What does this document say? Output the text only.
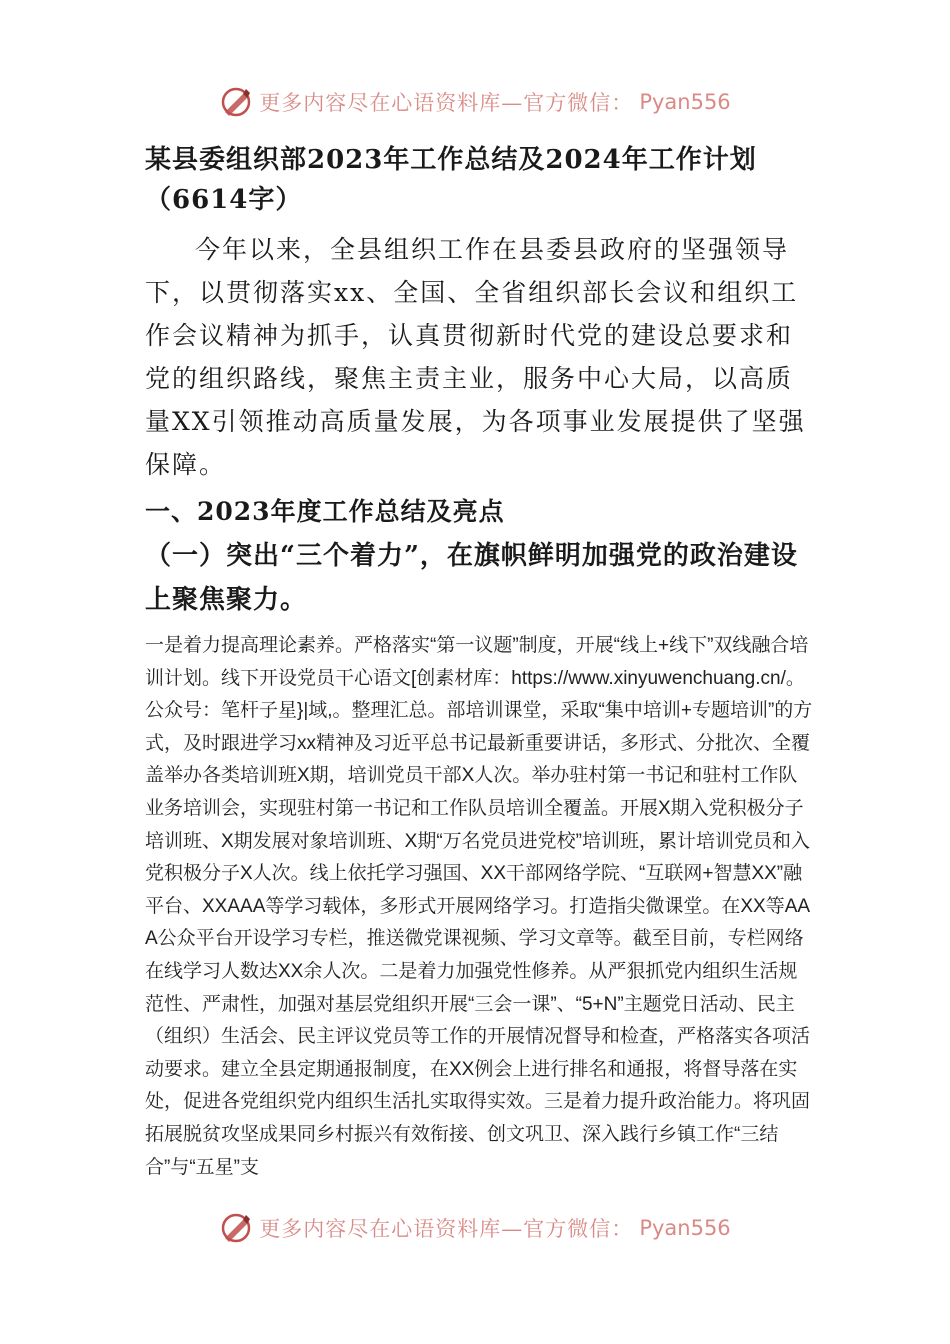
更多内容尽在心语资料库—官方微信： Pyan556
某县委组织部2023年工作总结及2024年工作计划（6614字）

今年以来，全县组织工作在县委县政府的坚强领导下，以贯彻落实xx、全国、全省组织部长会议和组织工作会议精神为抓手，认真贯彻新时代党的建设总要求和党的组织路线，聚焦主责主业，服务中心大局，以高质量XX引领推动高质量发展，为各项事业发展提供了坚强保障。

一、2023年度工作总结及亮点
（一）突出“三个着力”，在旗帜鲜明加强党的政治建设上聚焦聚力。

一是着力提高理论素养。严格落实“第一议题”制度，开展“线上+线下”双线融合培训计划。线下开设党员干心语文[创素材库：https://www.xinyuwenchuang.cn/。公众号：笔杆子星}|域,。整理汇总。部培训课堂，采取“集中培训+专题培训”的方式，及时跟进学习xx精神及习近平总书记最新重要讲话，多形式、分批次、全覆盖举办各类培训班X期，培训党员干部X人次。举办驻村第一书记和驻村工作队业务培训会，实现驻村第一书记和工作队员培训全覆盖。开展X期入党积极分子培训班、X期发展对象培训班、X期“万名党员进党校”培训班，累计培训党员和入党积极分子X人次。线上依托学习强国、XX干部网络学院、“互联网+智慧XX”融平台、XXAAA等学习载体，多形式开展网络学习。打造指尖微课堂。在XX等AAA公众平台开设学习专栏，推送微党课视频、学习文章等。截至目前，专栏网络在线学习人数达XX余人次。二是着力加强党性修养。从严狠抓党内组织生活规范性、严肃性，加强对基层党组织开展“三会一课”、“5+N”主题党日活动、民主（组织）生活会、民主评议党员等工作的开展情况督导和检查，严格落实各项活动要求。建立全县定期通报制度，在XX例会上进行排名和通报，将督导落在实处，促进各党组织党内组织生活扎实取得实效。三是着力提升政治能力。将巩固拓展脱贫攻坚成果同乡村振兴有效衔接、创文巩卫、深入践行乡镇工作“三结合”与“五星”支

更多内容尽在心语资料库—官方微信： Pyan556
